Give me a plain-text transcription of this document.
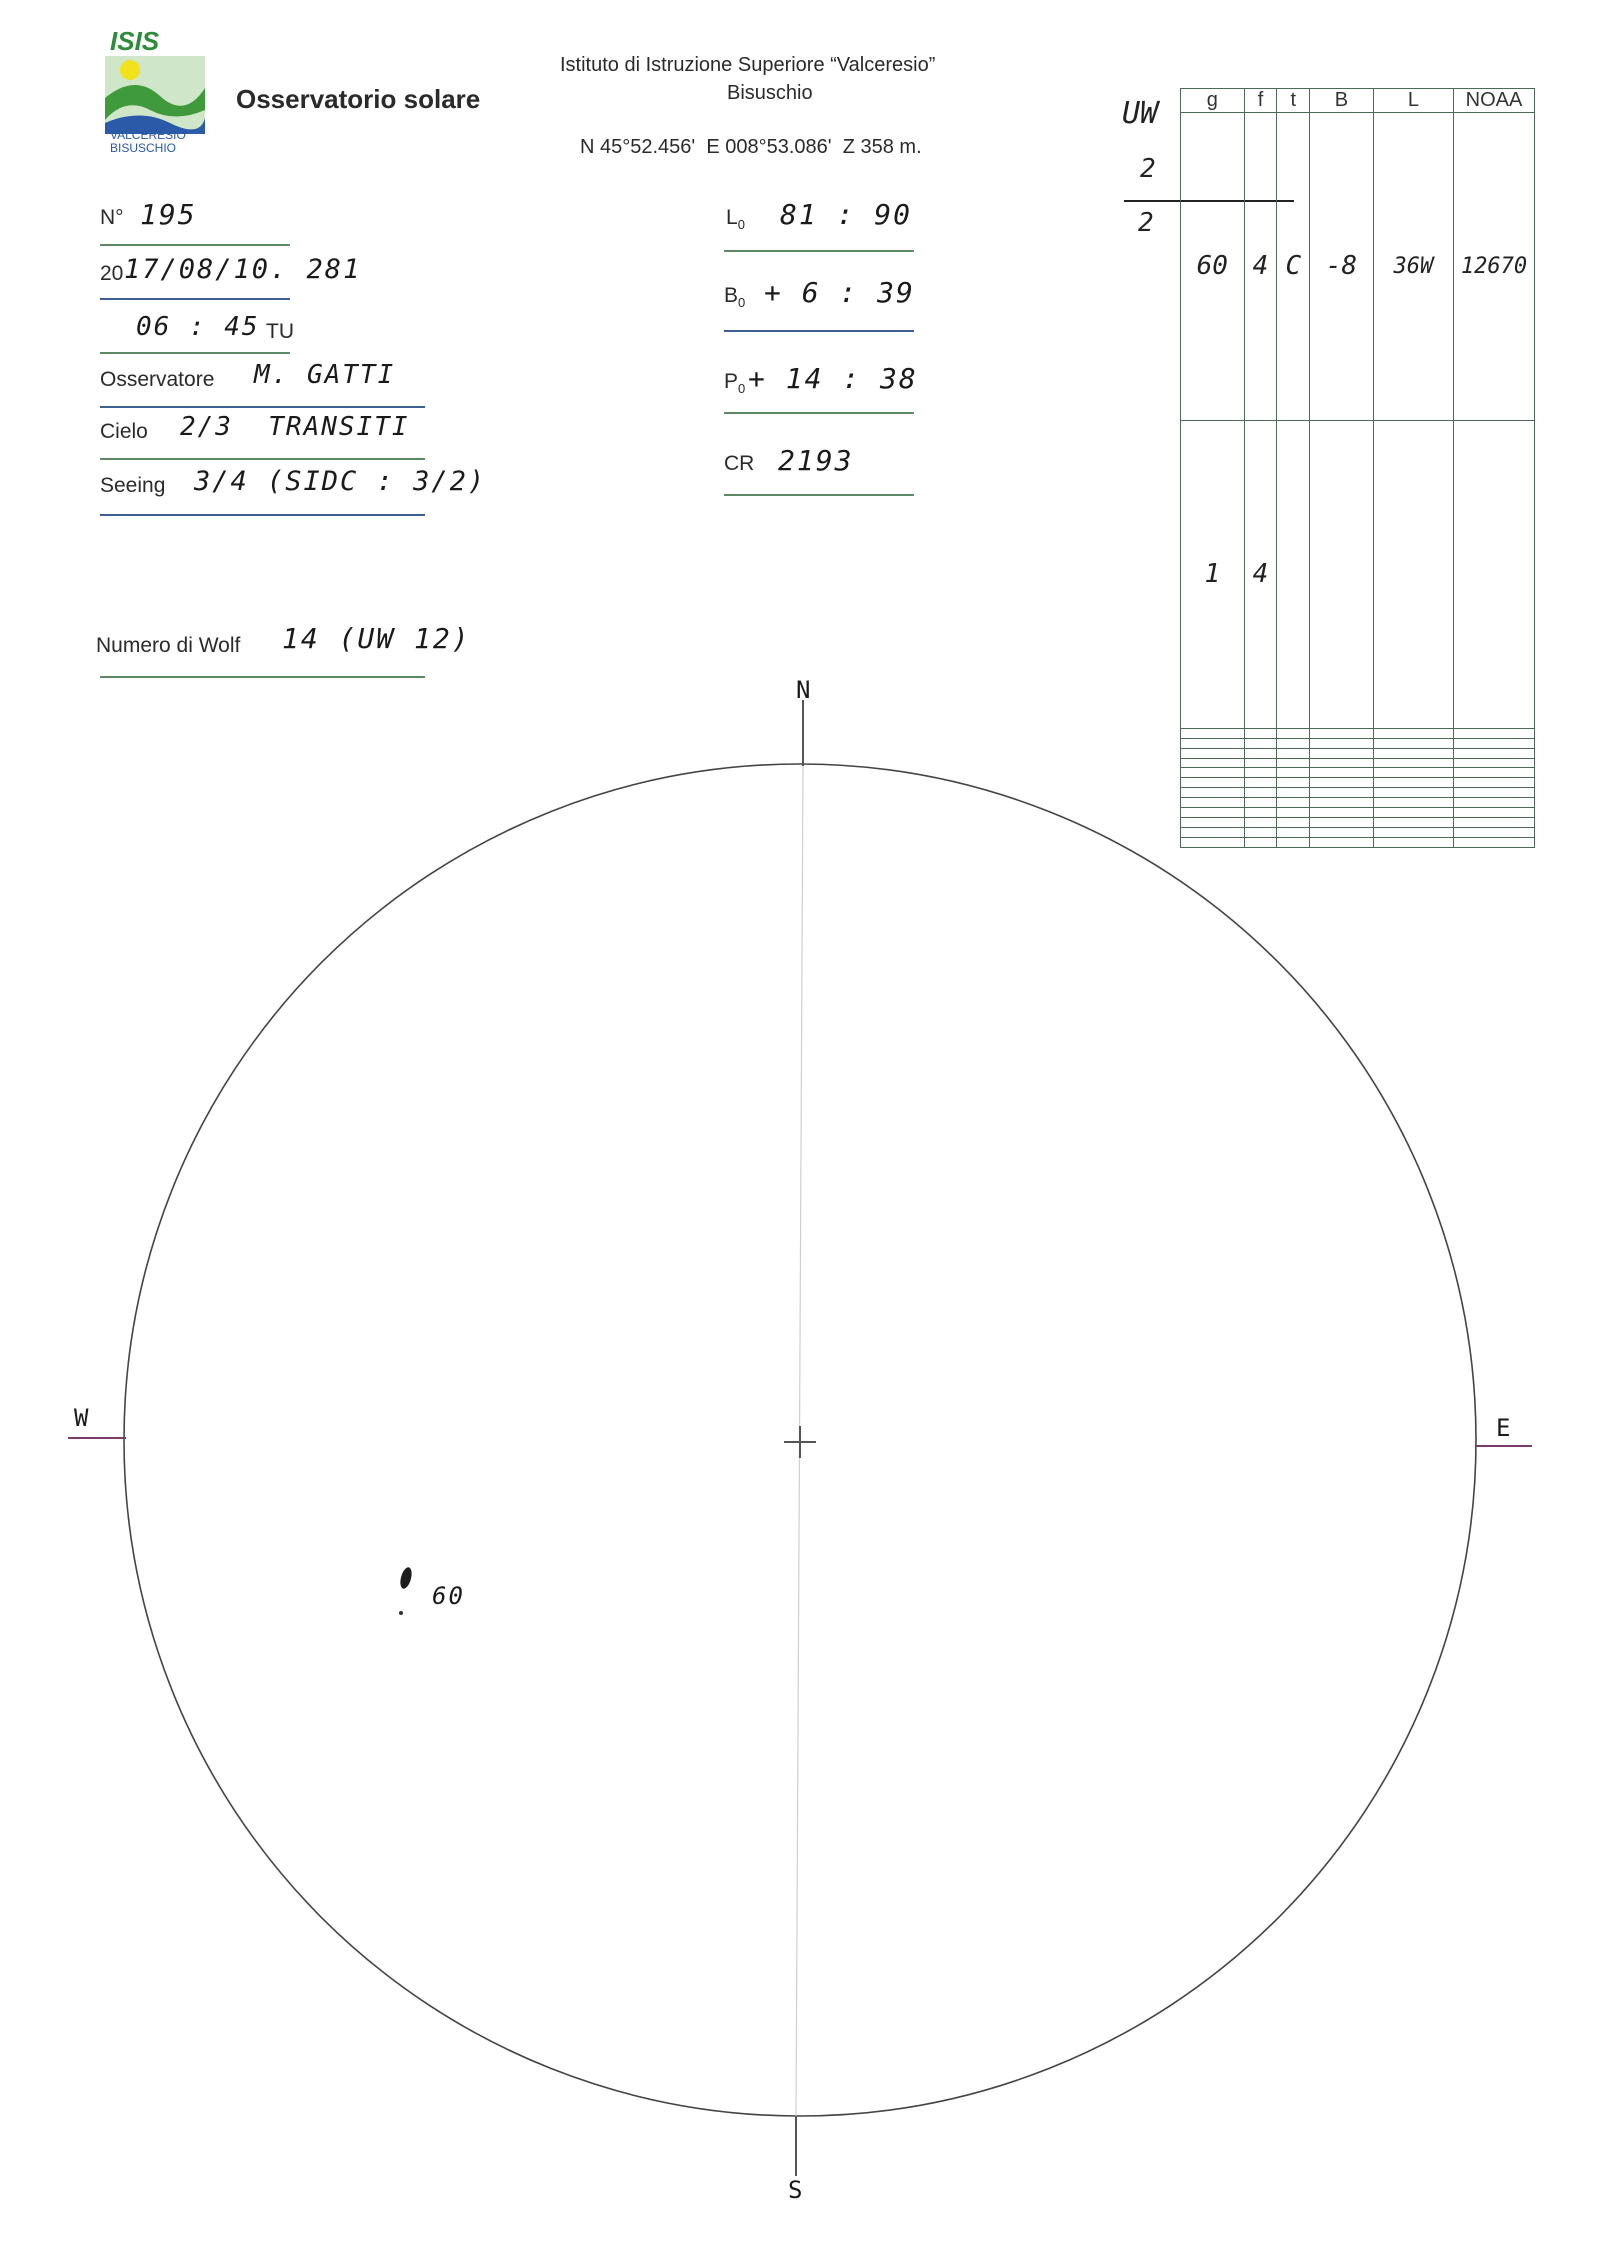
ISIS
VALCERESIO
BISUSCHIO
Osservatorio solare
Istituto di Istruzione Superiore “Valceresio”
Bisuschio
N 45°52.456'  E 008°53.086'  Z 358 m.
N° 195
20 17/08/10. 281
06 : 45 TU
Osservatore M. GATTI
Cielo 2/3  TRANSITI
Seeing 3/4 (SIDC : 3/2)
Numero di Wolf 14 (UW 12)
$L_0$ 81 : 90
$B_0 + 6$ : 39
$P_0 + 14$ : 38
CR 2193
UW
2
2
g	f	t	B	L	NOAA
60	4	C	-8	36W	12670
1	4				

N
S
W	E
60
